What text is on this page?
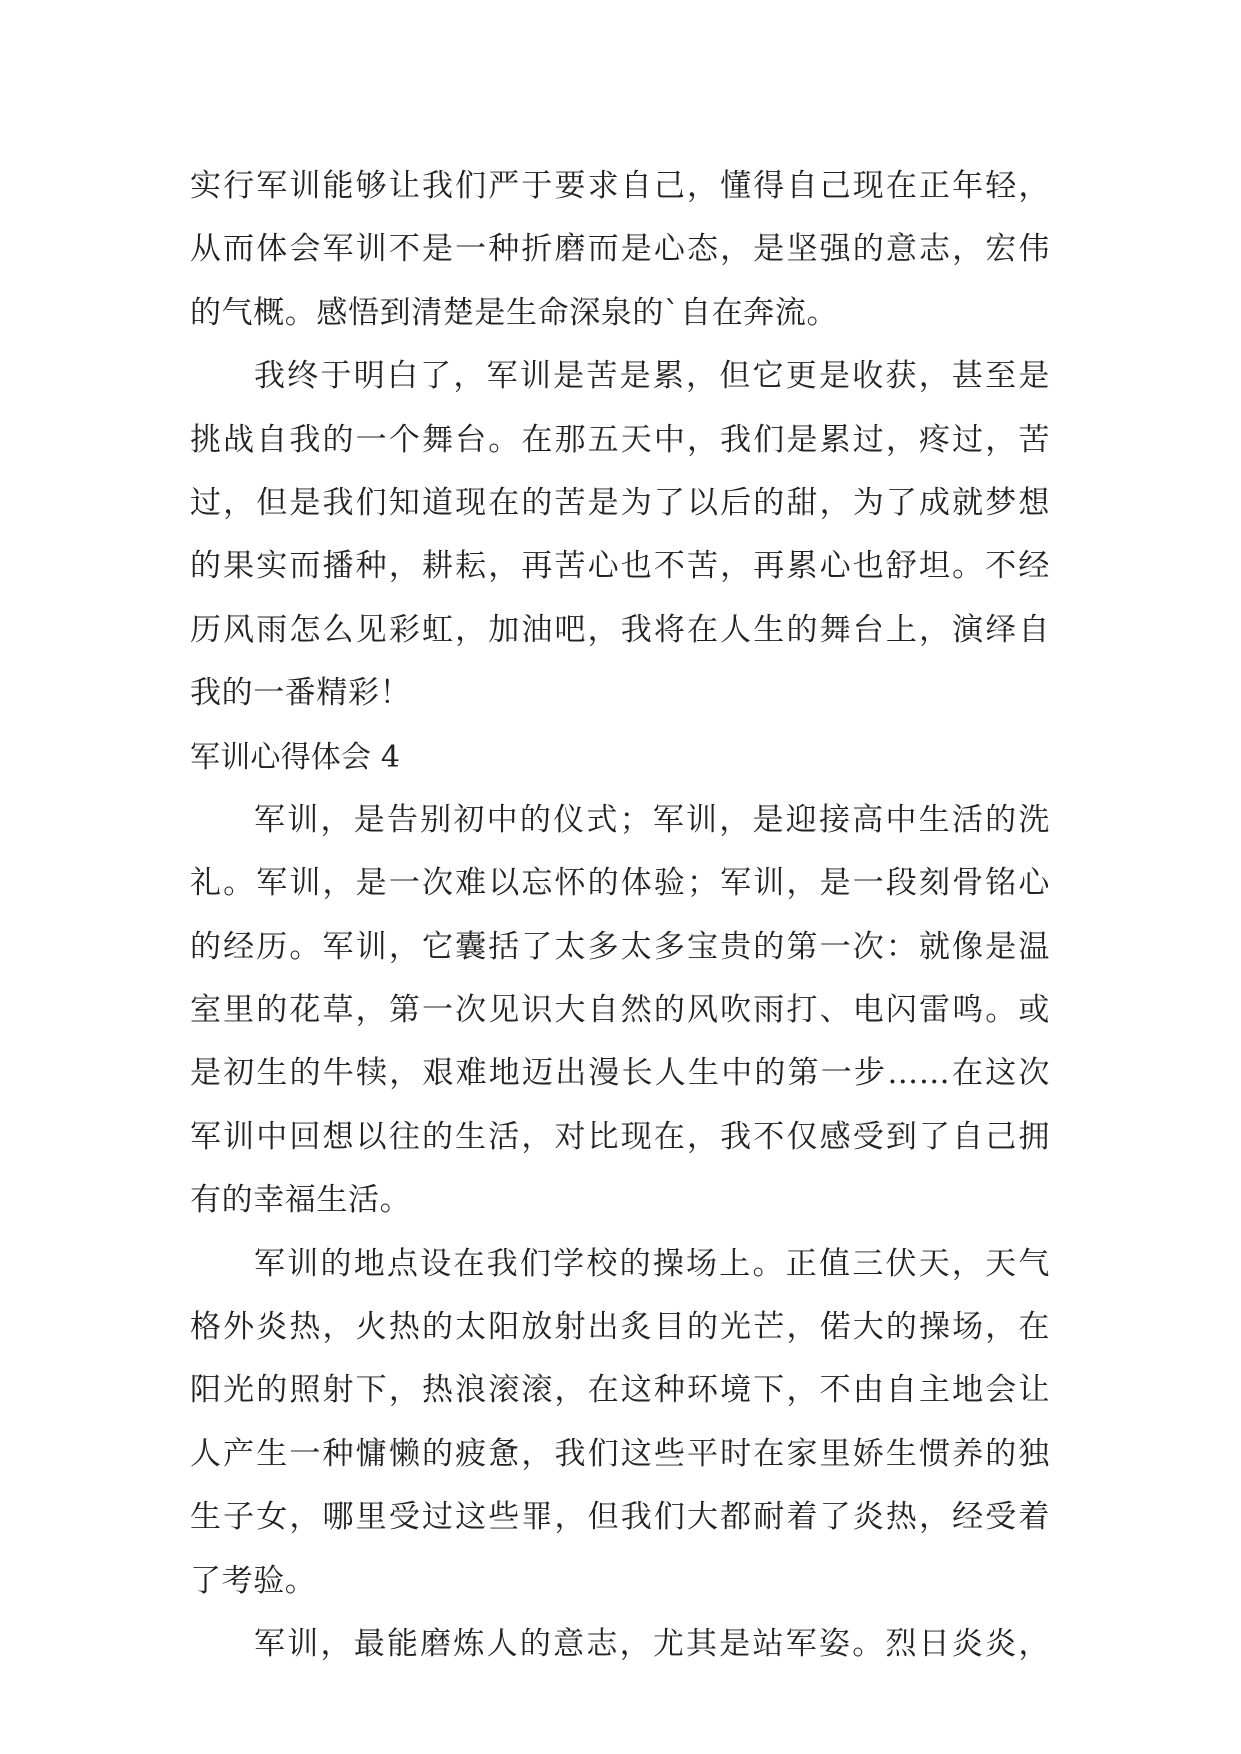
实行军训能够让我们严于要求自己，懂得自己现在正年轻，
从而体会军训不是一种折磨而是心态，是坚强的意志，宏伟
的气概。感悟到清楚是生命深泉的`自在奔流。
我终于明白了，军训是苦是累，但它更是收获，甚至是
挑战自我的一个舞台。在那五天中，我们是累过，疼过，苦
过，但是我们知道现在的苦是为了以后的甜，为了成就梦想
的果实而播种，耕耘，再苦心也不苦，再累心也舒坦。不经
历风雨怎么见彩虹，加油吧，我将在人生的舞台上，演绎自
我的一番精彩！
军训心得体会 4
军训，是告别初中的仪式；军训，是迎接高中生活的洗
礼。军训，是一次难以忘怀的体验；军训，是一段刻骨铭心
的经历。军训，它囊括了太多太多宝贵的第一次：就像是温
室里的花草，第一次见识大自然的风吹雨打、电闪雷鸣。或
是初生的牛犊，艰难地迈出漫长人生中的第一步……在这次
军训中回想以往的生活，对比现在，我不仅感受到了自己拥
有的幸福生活。
军训的地点设在我们学校的操场上。正值三伏天，天气
格外炎热，火热的太阳放射出炙目的光芒，偌大的操场，在
阳光的照射下，热浪滚滚，在这种环境下，不由自主地会让
人产生一种慵懒的疲惫，我们这些平时在家里娇生惯养的独
生子女，哪里受过这些罪，但我们大都耐着了炎热，经受着
了考验。
军训，最能磨炼人的意志，尤其是站军姿。烈日炎炎，
